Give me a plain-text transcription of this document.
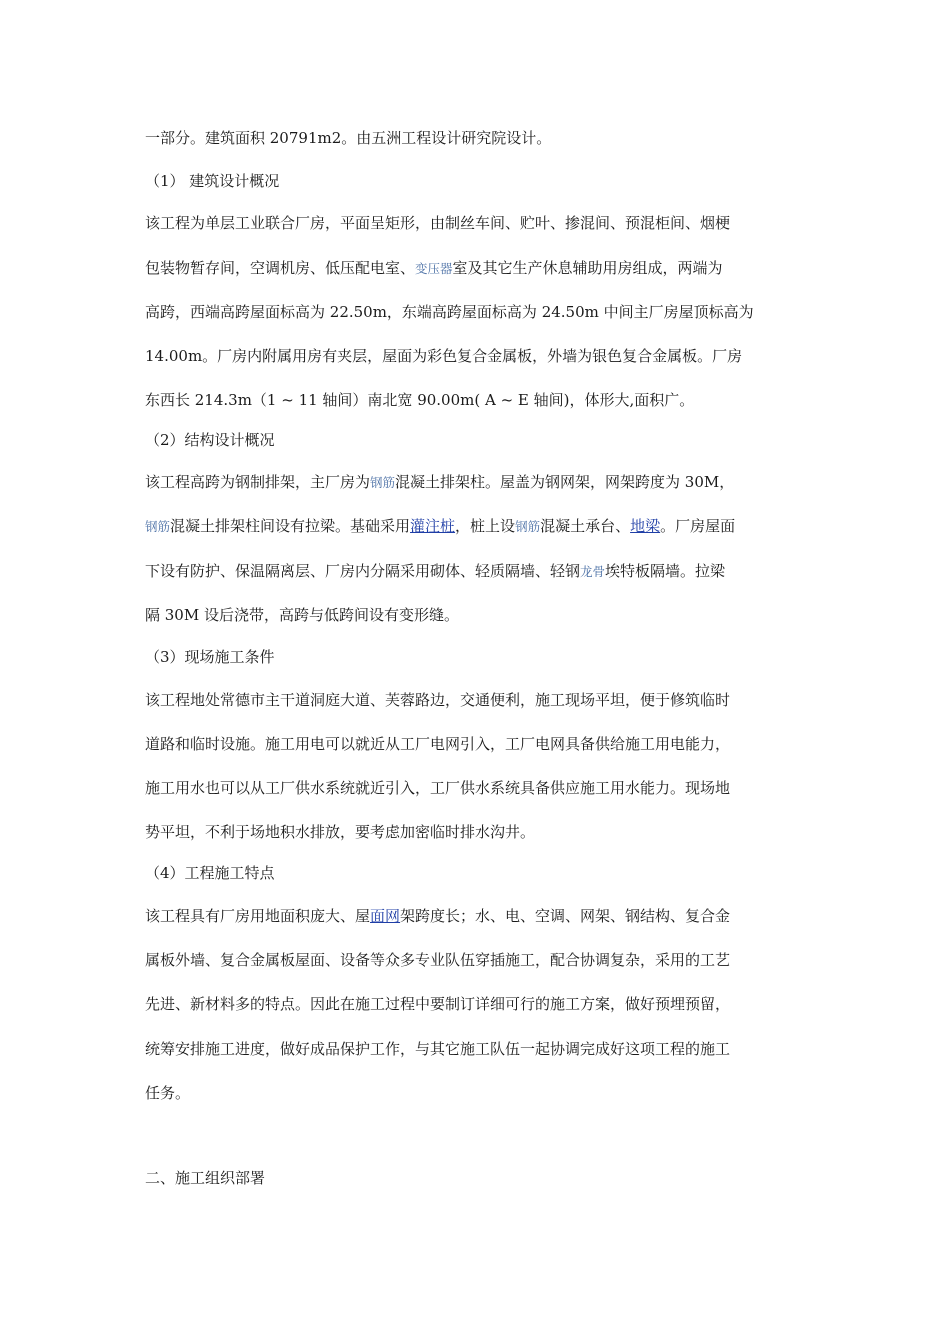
一部分。建筑面积 20791m2。由五洲工程设计研究院设计。
（1） 建筑设计概况
该工程为单层工业联合厂房，平面呈矩形，由制丝车间、贮叶、掺混间、预混柜间、烟梗
包装物暂存间，空调机房、低压配电室、变压器室及其它生产休息辅助用房组成，两端为
高跨，西端高跨屋面标高为 22.50m，东端高跨屋面标高为 24.50m 中间主厂房屋顶标高为
14.00m。厂房内附属用房有夹层，屋面为彩色复合金属板，外墙为银色复合金属板。厂房
东西长 214.3m（1 ~ 11 轴间）南北宽 90.00m( A ~ E 轴间)，体形大,面积广。
（2）结构设计概况
该工程高跨为钢制排架，主厂房为钢筋混凝土排架柱。屋盖为钢网架，网架跨度为 30M，
钢筋混凝土排架柱间设有拉梁。基础采用灌注桩，桩上设钢筋混凝土承台、地梁。厂房屋面
下设有防护、保温隔离层、厂房内分隔采用砌体、轻质隔墙、轻钢龙骨埃特板隔墙。拉梁
隔 30M 设后浇带，高跨与低跨间设有变形缝。
（3）现场施工条件
该工程地处常德市主干道洞庭大道、芙蓉路边，交通便利，施工现场平坦，便于修筑临时
道路和临时设施。施工用电可以就近从工厂电网引入，工厂电网具备供给施工用电能力，
施工用水也可以从工厂供水系统就近引入，工厂供水系统具备供应施工用水能力。现场地
势平坦，不利于场地积水排放，要考虑加密临时排水沟井。
（4）工程施工特点
该工程具有厂房用地面积庞大、屋面网架跨度长；水、电、空调、网架、钢结构、复合金
属板外墙、复合金属板屋面、设备等众多专业队伍穿插施工，配合协调复杂，采用的工艺
先进、新材料多的特点。因此在施工过程中要制订详细可行的施工方案，做好预埋预留，
统筹安排施工进度，做好成品保护工作，与其它施工队伍一起协调完成好这项工程的施工
任务。
二、施工组织部署
